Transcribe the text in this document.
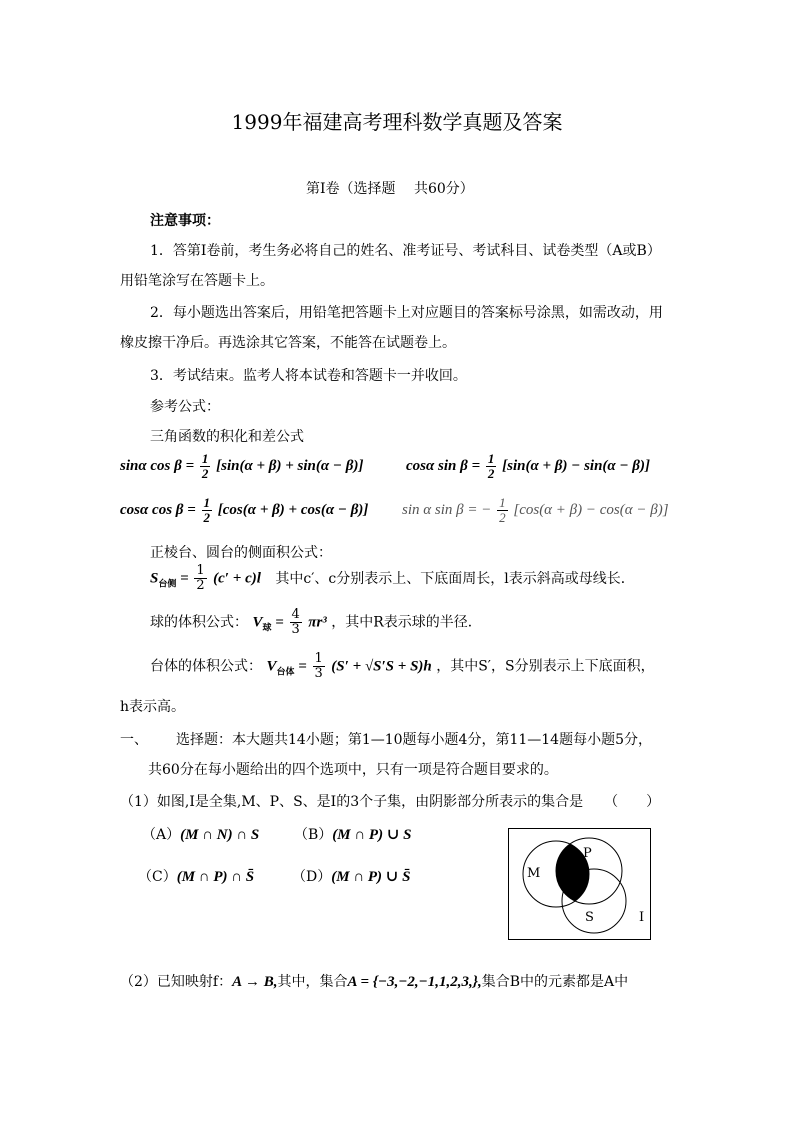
1999年福建高考理科数学真题及答案
第Ⅰ卷（选择题　 共60分）
注意事项：
1．答第Ⅰ卷前，考生务必将自己的姓名、准考证号、考试科目、试卷类型（A或B）
用铅笔涂写在答题卡上。
2．每小题选出答案后，用铅笔把答题卡上对应题目的答案标号涂黑，如需改动，用
橡皮擦干净后。再选涂其它答案，不能答在试题卷上。
3．考试结束。监考人将本试卷和答题卡一并收回。
参考公式：
三角函数的积化和差公式
sinα $\cos \beta = \frac{1}{2} [\sin(\alpha + \beta) + \sin(\alpha - \beta)]$	cosα $\sin \beta = \frac{1}{2} [\sin(\alpha + \beta) - \sin(\alpha - \beta)]$
cosα $\cos \beta = \frac{1}{2} [\cos(\alpha + \beta) + \cos(\alpha - \beta)]$ sin α sin β = − $\frac{1}{2} [\cos(\alpha + \beta) - \cos(\alpha - \beta)]$
正棱台、圆台的侧面积公式：
$S_{台侧} = \frac{1}{2} (c' + c)l$ 其中c′、c分别表示上、下底面周长，l表示斜高或母线长．
球的体积公式： $V_球 = \frac{4}{3} \pi r^3$ ，其中R表示球的半径．
台体的体积公式： $V_{台体} = \frac{1}{3} (S' + √S'S + S)h$ ，其中S′，S分别表示上下底面积，
h表示高。
一、 选择题：本大题共14小题；第1—10题每小题4分，第11—14题每小题5分，
共60分在每小题给出的四个选项中，只有一项是符合题目要求的。
（1）如图,Ⅰ是全集,M、P、S、是Ⅰ的3个子集，由阴影部分所表示的集合是　　（　　）
（A）(M ∩ N) ∩ S （B）(M ∩ P) ∪ S
（C）(M ∩ P) ∩ S̄	（D）(M ∩ P) ∪ S̄	M
P
S	I
（2）已知映射f：A → B,其中，集合A = {−3,−2,−1,1,2,3,},集合B中的元素都是A中
